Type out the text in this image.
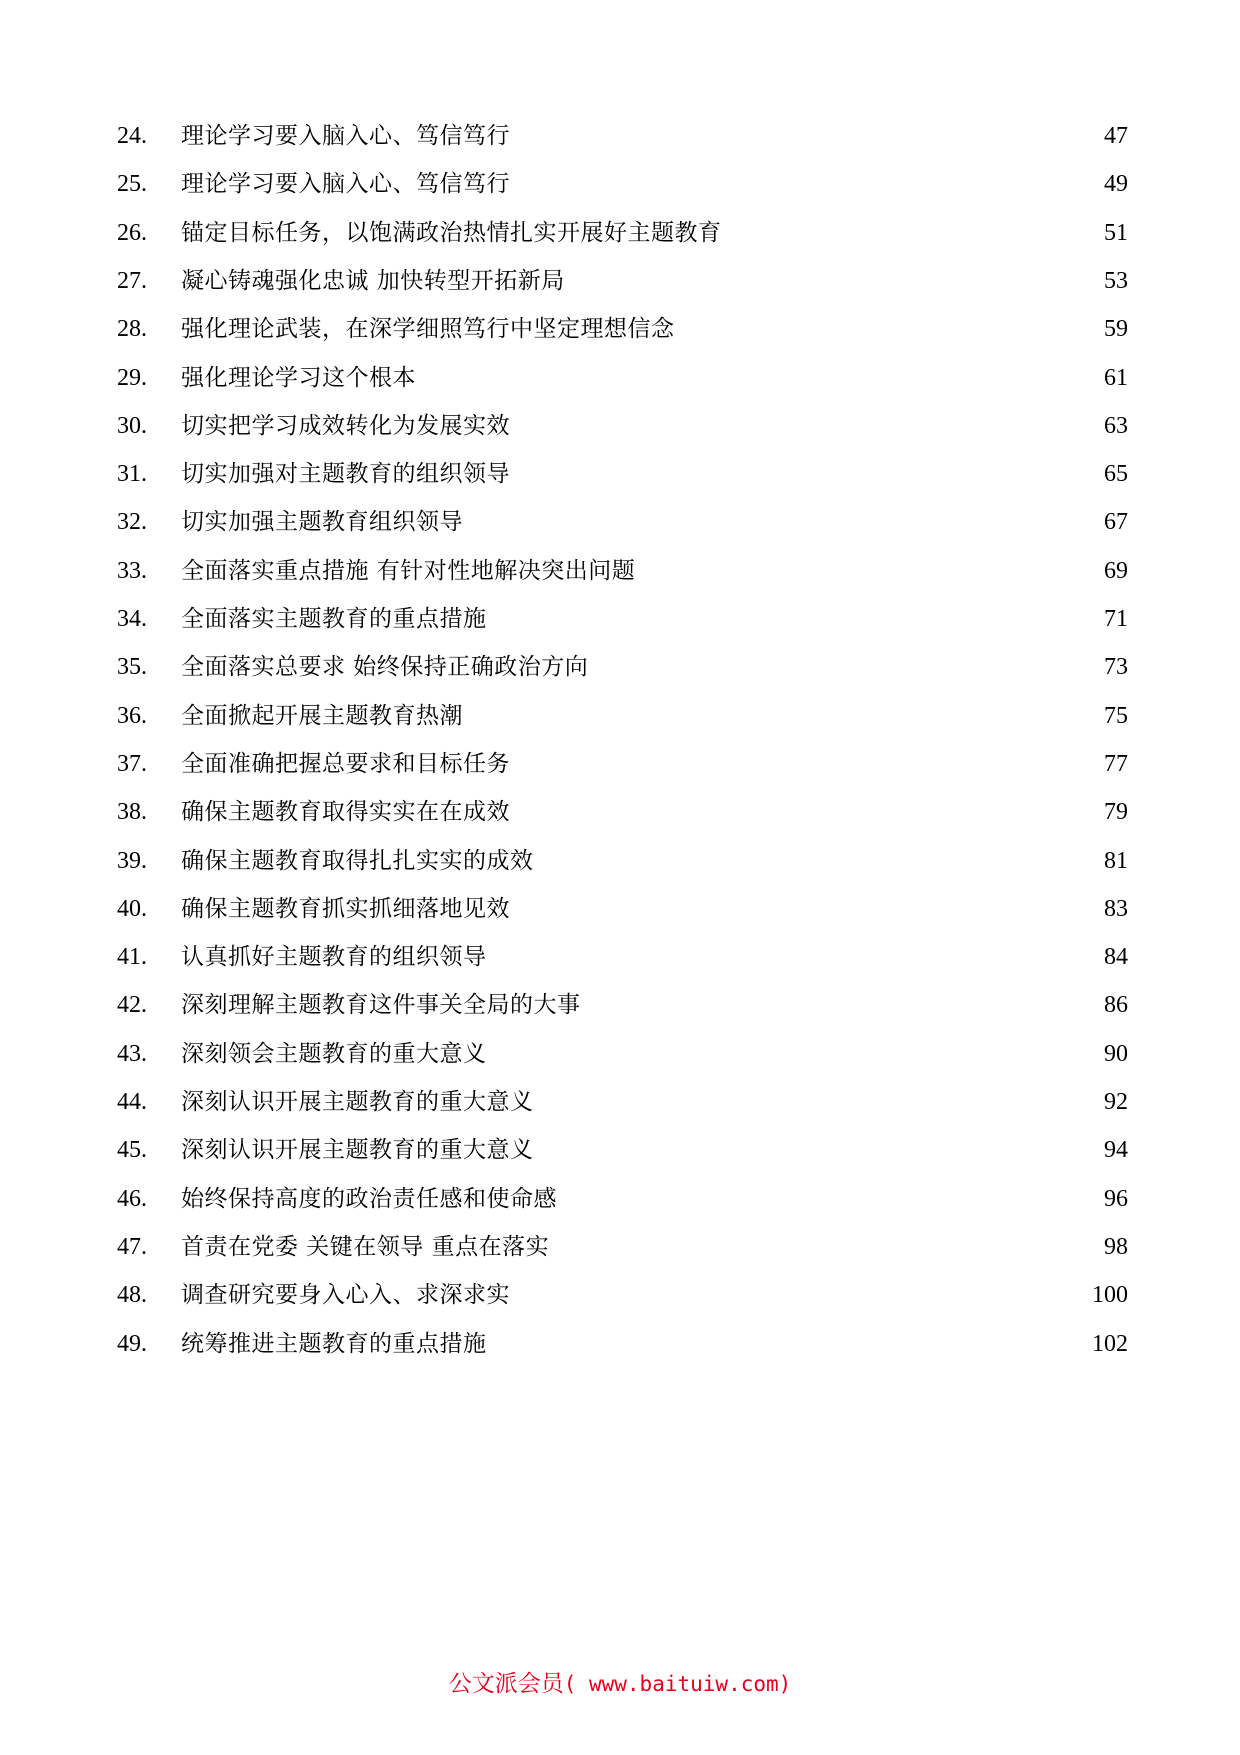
24. 理论学习要入脑入心、笃信笃行	47
25. 理论学习要入脑入心、笃信笃行	49
26. 锚定目标任务，以饱满政治热情扎实开展好主题教育	51
27. 凝心铸魂强化忠诚 加快转型开拓新局	53
28. 强化理论武装，在深学细照笃行中坚定理想信念	59
29. 强化理论学习这个根本	61
30. 切实把学习成效转化为发展实效	63
31. 切实加强对主题教育的组织领导	65
32. 切实加强主题教育组织领导	67
33. 全面落实重点措施 有针对性地解决突出问题	69
34. 全面落实主题教育的重点措施	71
35. 全面落实总要求 始终保持正确政治方向	73
36. 全面掀起开展主题教育热潮	75
37. 全面准确把握总要求和目标任务	77
38. 确保主题教育取得实实在在成效	79
39. 确保主题教育取得扎扎实实的成效	81
40. 确保主题教育抓实抓细落地见效	83
41. 认真抓好主题教育的组织领导	84
42. 深刻理解主题教育这件事关全局的大事	86
43. 深刻领会主题教育的重大意义	90
44. 深刻认识开展主题教育的重大意义	92
45. 深刻认识开展主题教育的重大意义	94
46. 始终保持高度的政治责任感和使命感	96
47. 首责在党委 关键在领导 重点在落实	98
48. 调查研究要身入心入、求深求实	100
49. 统筹推进主题教育的重点措施	102
公文派会员( www.baituiw.com)
